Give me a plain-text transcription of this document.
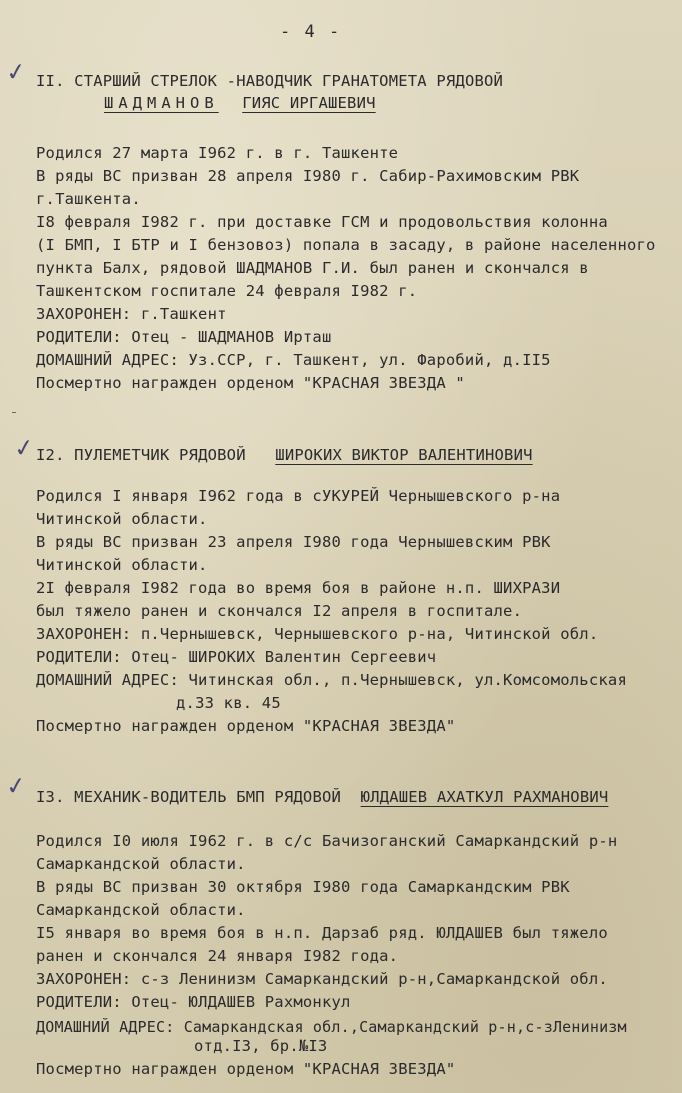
- 4 -
✓ II. СТАРШИЙ СТРЕЛОК -НАВОДЧИК ГРАНАТОМЕТА РЯДОВОЙ
ШАДМАНОВ ГИЯС ИРГАШЕВИЧ
Родился 27 марта I962 г. в г. Ташкенте
В ряды ВС призван 28 апреля I980 г. Сабир-Рахимовским РВК
г.Ташкента.
I8 февраля I982 г. при доставке ГСМ и продовольствия колонна
(I БМП, I БТР и I бензовоз) попала в засаду, в районе населенного
пункта Балх, рядовой ШАДМАНОВ Г.И. был ранен и скончался в
Ташкентском госпитале 24 февраля I982 г.
ЗАХОРОНЕН: г.Ташкент
РОДИТЕЛИ: Отец - ШАДМАНОВ Ирташ
ДОМАШНИЙ АДРЕС: Уз.ССР, г. Ташкент, ул. Фаробий, д.II5
Посмертно награжден орденом "КРАСНАЯ ЗВЕЗДА "
✓ I2. ПУЛЕМЕТЧИК РЯДОВОЙ ШИРОКИХ ВИКТОР ВАЛЕНТИНОВИЧ
Родился I января I962 года в сУКУРЕЙ Чернышевского р-на
Читинской области.
В ряды ВС призван 23 апреля I980 года Чернышевским РВК
Читинской области.
2I февраля I982 года во время боя в районе н.п. ШИХРАЗИ
был тяжело ранен и скончался I2 апреля в госпитале.
ЗАХОРОНЕН: п.Чернышевск, Чернышевского р-на, Читинской обл.
РОДИТЕЛИ: Отец- ШИРОКИХ Валентин Сергеевич
ДОМАШНИЙ АДРЕС: Читинская обл., п.Чернышевск, ул.Комсомольская
д.33 кв. 45
Посмертно награжден орденом "КРАСНАЯ ЗВЕЗДА"
✓ I3. МЕХАНИК-ВОДИТЕЛЬ БМП РЯДОВОЙ ЮЛДАШЕВ АХАТКУЛ РАХМАНОВИЧ
Родился I0 июля I962 г. в с/с Бачизоганский Самаркандский р-н
Самаркандской области.
В ряды ВС призван 30 октября I980 года Самаркандским РВК
Самаркандской области.
I5 января во время боя в н.п. Дарзаб ряд. ЮЛДАШЕВ был тяжело
ранен и скончался 24 января I982 года.
ЗАХОРОНЕН: с-з Ленинизм Самаркандский р-н,Самаркандской обл.
РОДИТЕЛИ: Отец- ЮЛДАШЕВ Рахмонкул
ДОМАШНИЙ АДРЕС: Самаркандская обл.,Самаркандский р-н,с-зЛенинизм
отд.I3, бр.№I3
Посмертно награжден орденом "КРАСНАЯ ЗВЕЗДА"
